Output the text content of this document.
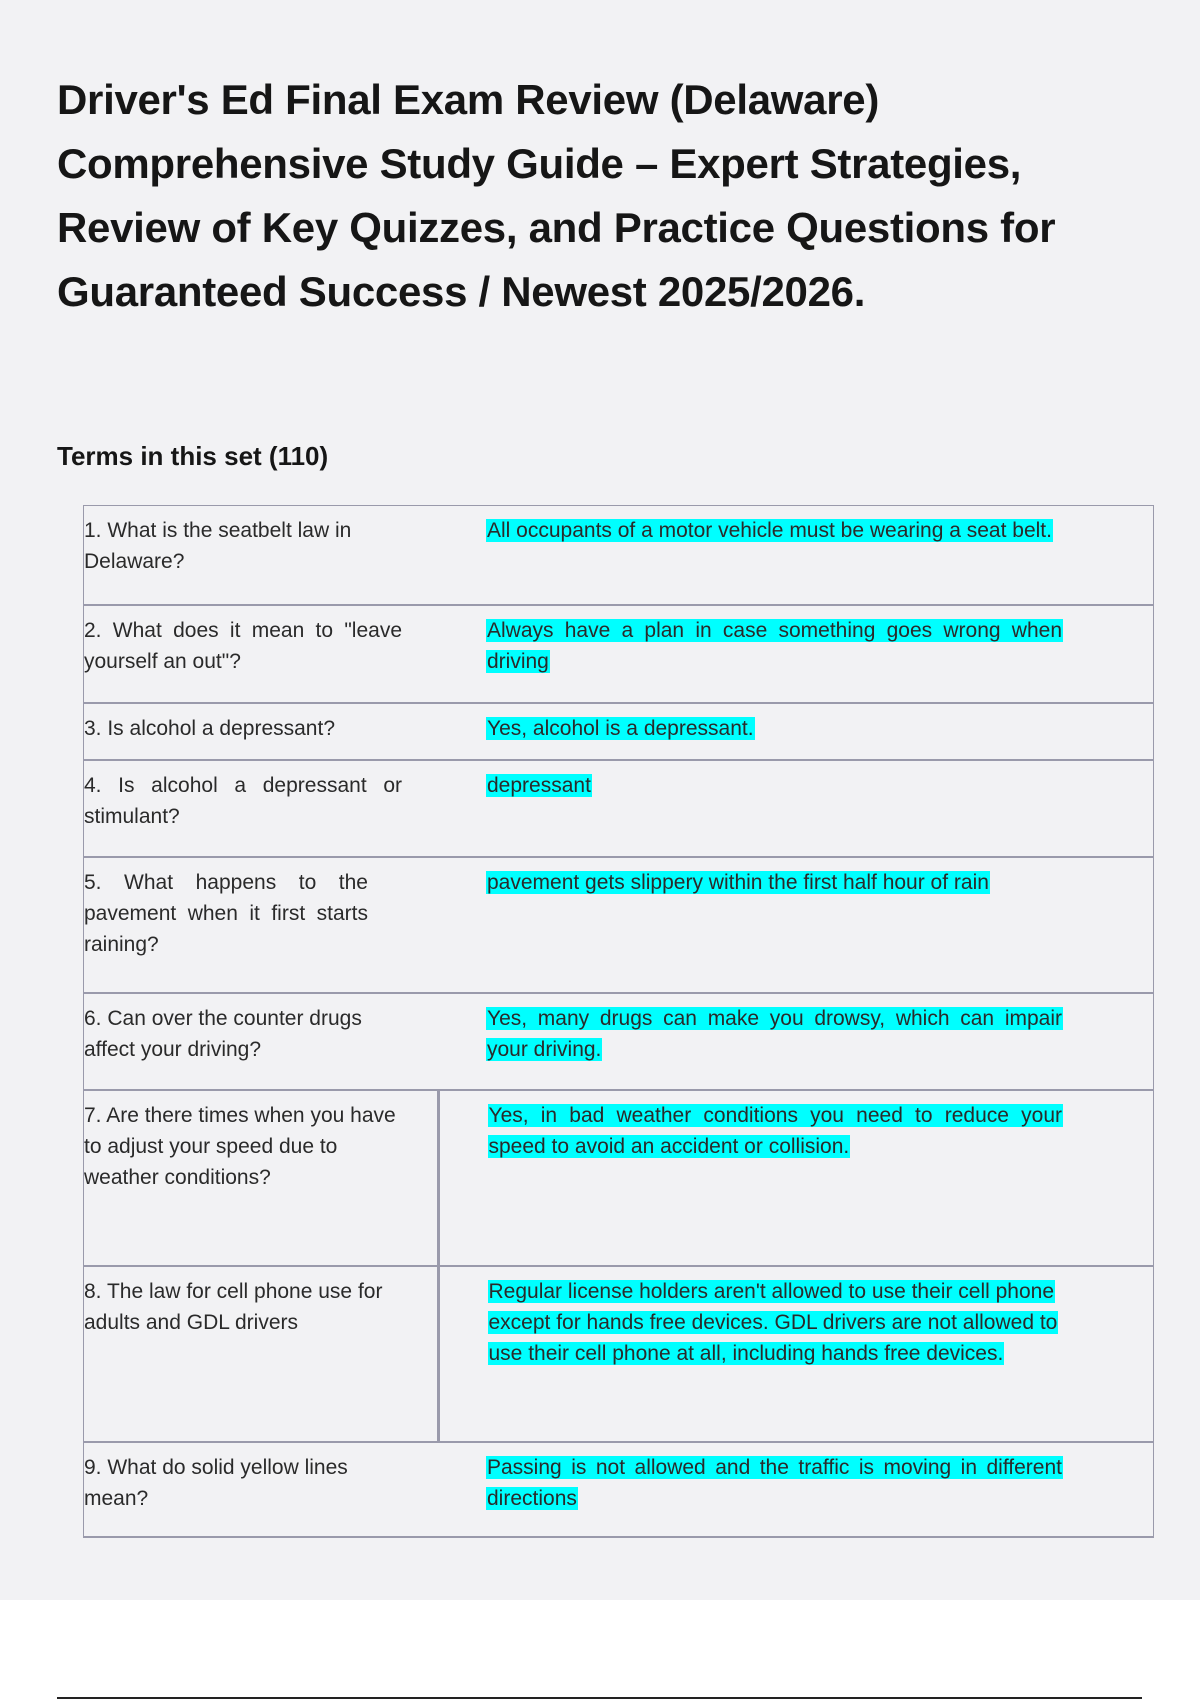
Driver's Ed Final Exam Review (Delaware) Comprehensive Study Guide – Expert Strategies, Review of Key Quizzes, and Practice Questions for Guaranteed Success / Newest 2025/2026.
Terms in this set (110)
1. What is the seatbelt law in Delaware?	All occupants of a motor vehicle must be wearing a seat belt.
2. What does it mean to "leave yourself an out"?	Always have a plan in case something goes wrong when driving
3. Is alcohol a depressant?	Yes, alcohol is a depressant.
4. Is alcohol a depressant or stimulant?	depressant
5. What happens to the pavement when it first starts raining?	pavement gets slippery within the first half hour of rain
6. Can over the counter drugs affect your driving?	Yes, many drugs can make you drowsy, which can impair your driving.
7. Are there times when you have to adjust your speed due to weather conditions?	Yes, in bad weather conditions you need to reduce your speed to avoid an accident or collision.
8. The law for cell phone use for adults and GDL drivers	Regular license holders aren't allowed to use their cell phone except for hands free devices. GDL drivers are not allowed to use their cell phone at all, including hands free devices.
9. What do solid yellow lines mean?	Passing is not allowed and the traffic is moving in different directions
